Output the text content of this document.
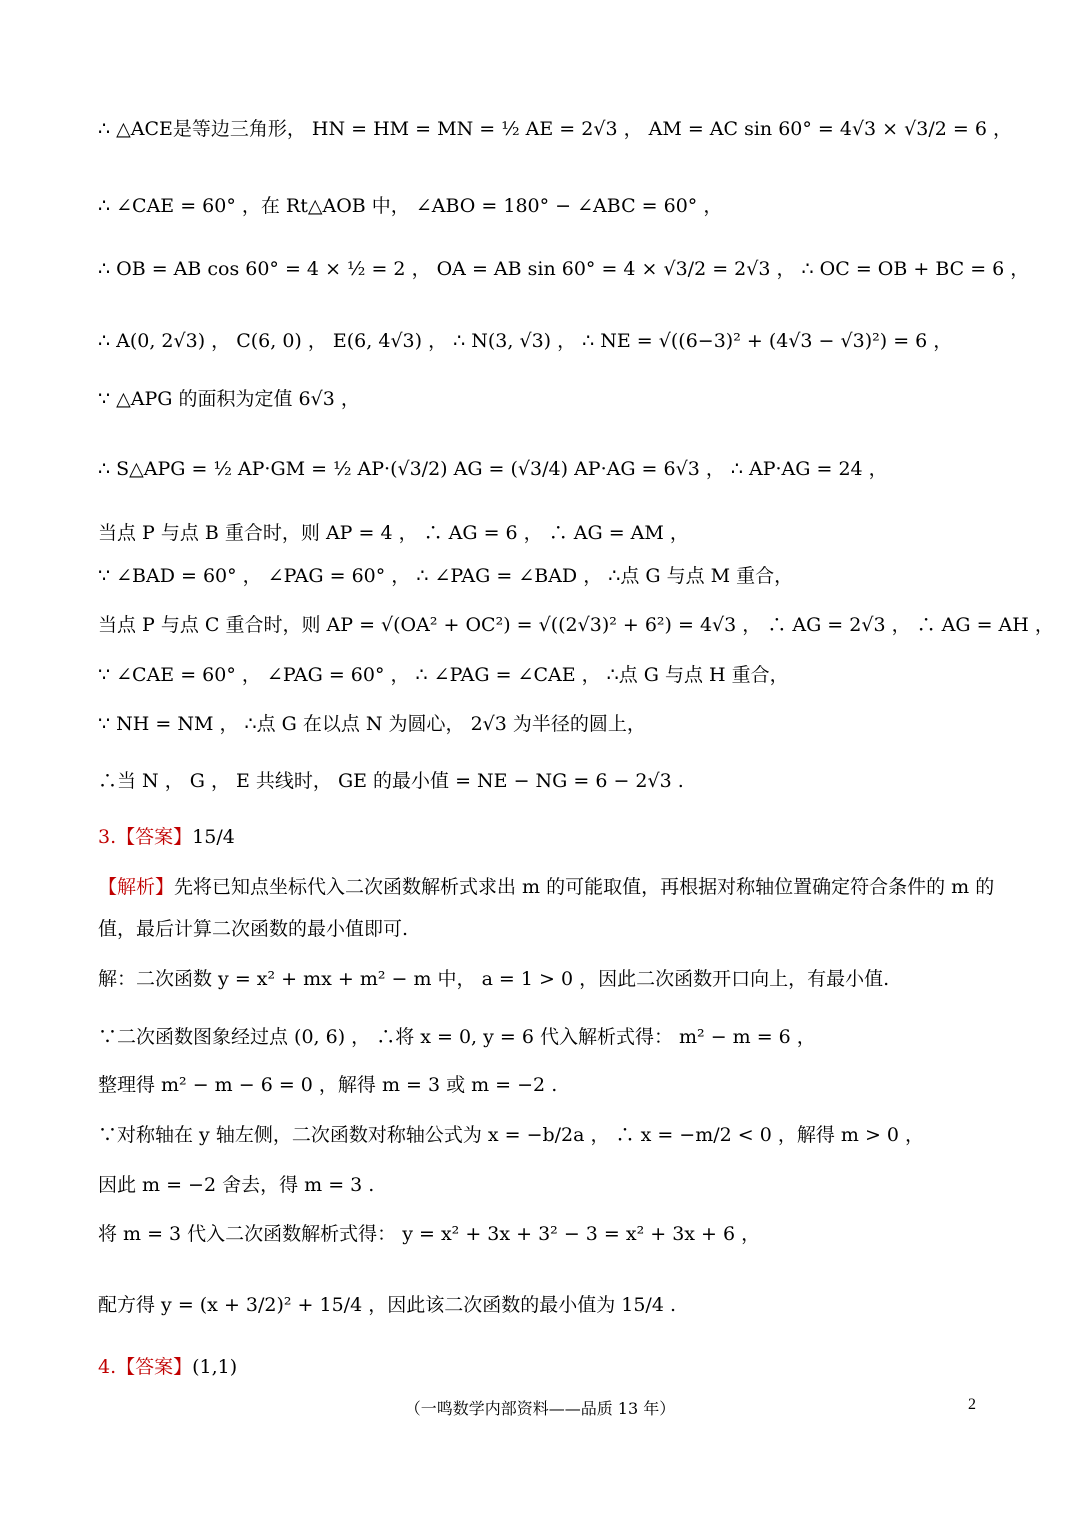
∴ △ACE是等边三角形， HN = HM = MN = ½ AE = 2√3 ， AM = AC sin 60° = 4√3 × √3/2 = 6 ，
∴ ∠CAE = 60° ，在 Rt△AOB 中， ∠ABO = 180° − ∠ABC = 60° ，
∴ OB = AB cos 60° = 4 × ½ = 2 ， OA = AB sin 60° = 4 × √3/2 = 2√3 ， ∴ OC = OB + BC = 6 ，
∴ A(0, 2√3) ， C(6, 0) ， E(6, 4√3) ， ∴ N(3, √3) ， ∴ NE = √((6−3)² + (4√3 − √3)²) = 6 ，
∵ △APG 的面积为定值 6√3 ，
∴ S△APG = ½ AP·GM = ½ AP·(√3/2) AG = (√3/4) AP·AG = 6√3 ， ∴ AP·AG = 24 ，
当点 P 与点 B 重合时，则 AP = 4 ， ∴ AG = 6 ， ∴ AG = AM ，
∵ ∠BAD = 60° ， ∠PAG = 60° ， ∴ ∠PAG = ∠BAD ， ∴点 G 与点 M 重合，
当点 P 与点 C 重合时，则 AP = √(OA² + OC²) = √((2√3)² + 6²) = 4√3 ， ∴ AG = 2√3 ， ∴ AG = AH ，
∵ ∠CAE = 60° ， ∠PAG = 60° ， ∴ ∠PAG = ∠CAE ， ∴点 G 与点 H 重合，
∵ NH = NM ， ∴点 G 在以点 N 为圆心， 2√3 为半径的圆上，
∴当 N ， G ， E 共线时， GE 的最小值 = NE − NG = 6 − 2√3 .
3.【答案】15/4
【解析】先将已知点坐标代入二次函数解析式求出 m 的可能取值，再根据对称轴位置确定符合条件的 m 的
值，最后计算二次函数的最小值即可.
解：二次函数 y = x² + mx + m² − m 中， a = 1 > 0 ，因此二次函数开口向上，有最小值.
∵二次函数图象经过点 (0, 6) ， ∴将 x = 0, y = 6 代入解析式得： m² − m = 6 ，
整理得 m² − m − 6 = 0 ，解得 m = 3 或 m = −2 .
∵对称轴在 y 轴左侧，二次函数对称轴公式为 x = −b/2a ， ∴ x = −m/2 < 0 ，解得 m > 0 ，
因此 m = −2 舍去，得 m = 3 .
将 m = 3 代入二次函数解析式得： y = x² + 3x + 3² − 3 = x² + 3x + 6 ，
配方得 y = (x + 3/2)² + 15/4 ，因此该二次函数的最小值为 15/4 .
4.【答案】(1,1)
（一鸣数学内部资料——品质 13 年）	2
